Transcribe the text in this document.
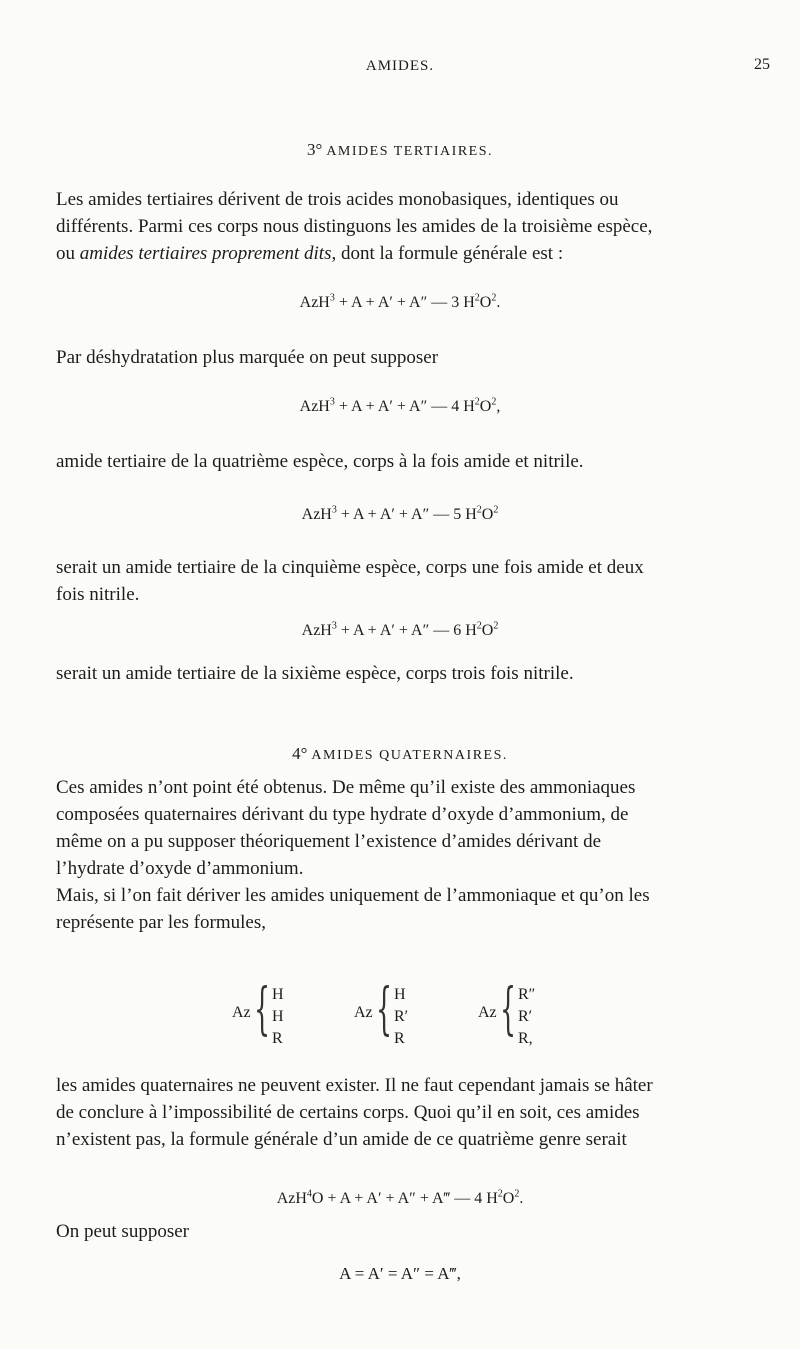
AMIDES.	25
3° AMIDES TERTIAIRES.
Les amides tertiaires dérivent de trois acides monobasiques, identiques ou
différents. Parmi ces corps nous distinguons les amides de la troisième espèce,
ou amides tertiaires proprement dits, dont la formule générale est :
AzH$^3$ + A + A′ + A″ — 3 $H^2O^2$.
Par déshydratation plus marquée on peut supposer
AzH$^3$ + A + A′ + A″ — 4 $H^2O^2$,
amide tertiaire de la quatrième espèce, corps à la fois amide et nitrile.
AzH$^3$ + A + A′ + A″ — 5 $H^2O^2$
serait un amide tertiaire de la cinquième espèce, corps une fois amide et deux
fois nitrile.
AzH$^3$ + A + A′ + A″ — 6 $H^2O^2$
serait un amide tertiaire de la sixième espèce, corps trois fois nitrile.
4° AMIDES QUATERNAIRES.
Ces amides n’ont point été obtenus. De même qu’il existe des ammoniaques
composées quaternaires dérivant du type hydrate d’oxyde d’ammonium, de
même on a pu supposer théoriquement l’existence d’amides dérivant de
l’hydrate d’oxyde d’ammonium.
Mais, si l’on fait dériver les amides uniquement de l’ammoniaque et qu’on les
représente par les formules,
Az { H
H
R
Az { H
R′
R
Az { R″
R′
R,
les amides quaternaires ne peuvent exister. Il ne faut cependant jamais se hâter
de conclure à l’impossibilité de certains corps. Quoi qu’il en soit, ces amides
n’existent pas, la formule générale d’un amide de ce quatrième genre serait
AzH$^4$O + A + A′ + A″ + A‴ — 4 $H^2O^2$.
On peut supposer
A = A′ = A″ = A‴,
